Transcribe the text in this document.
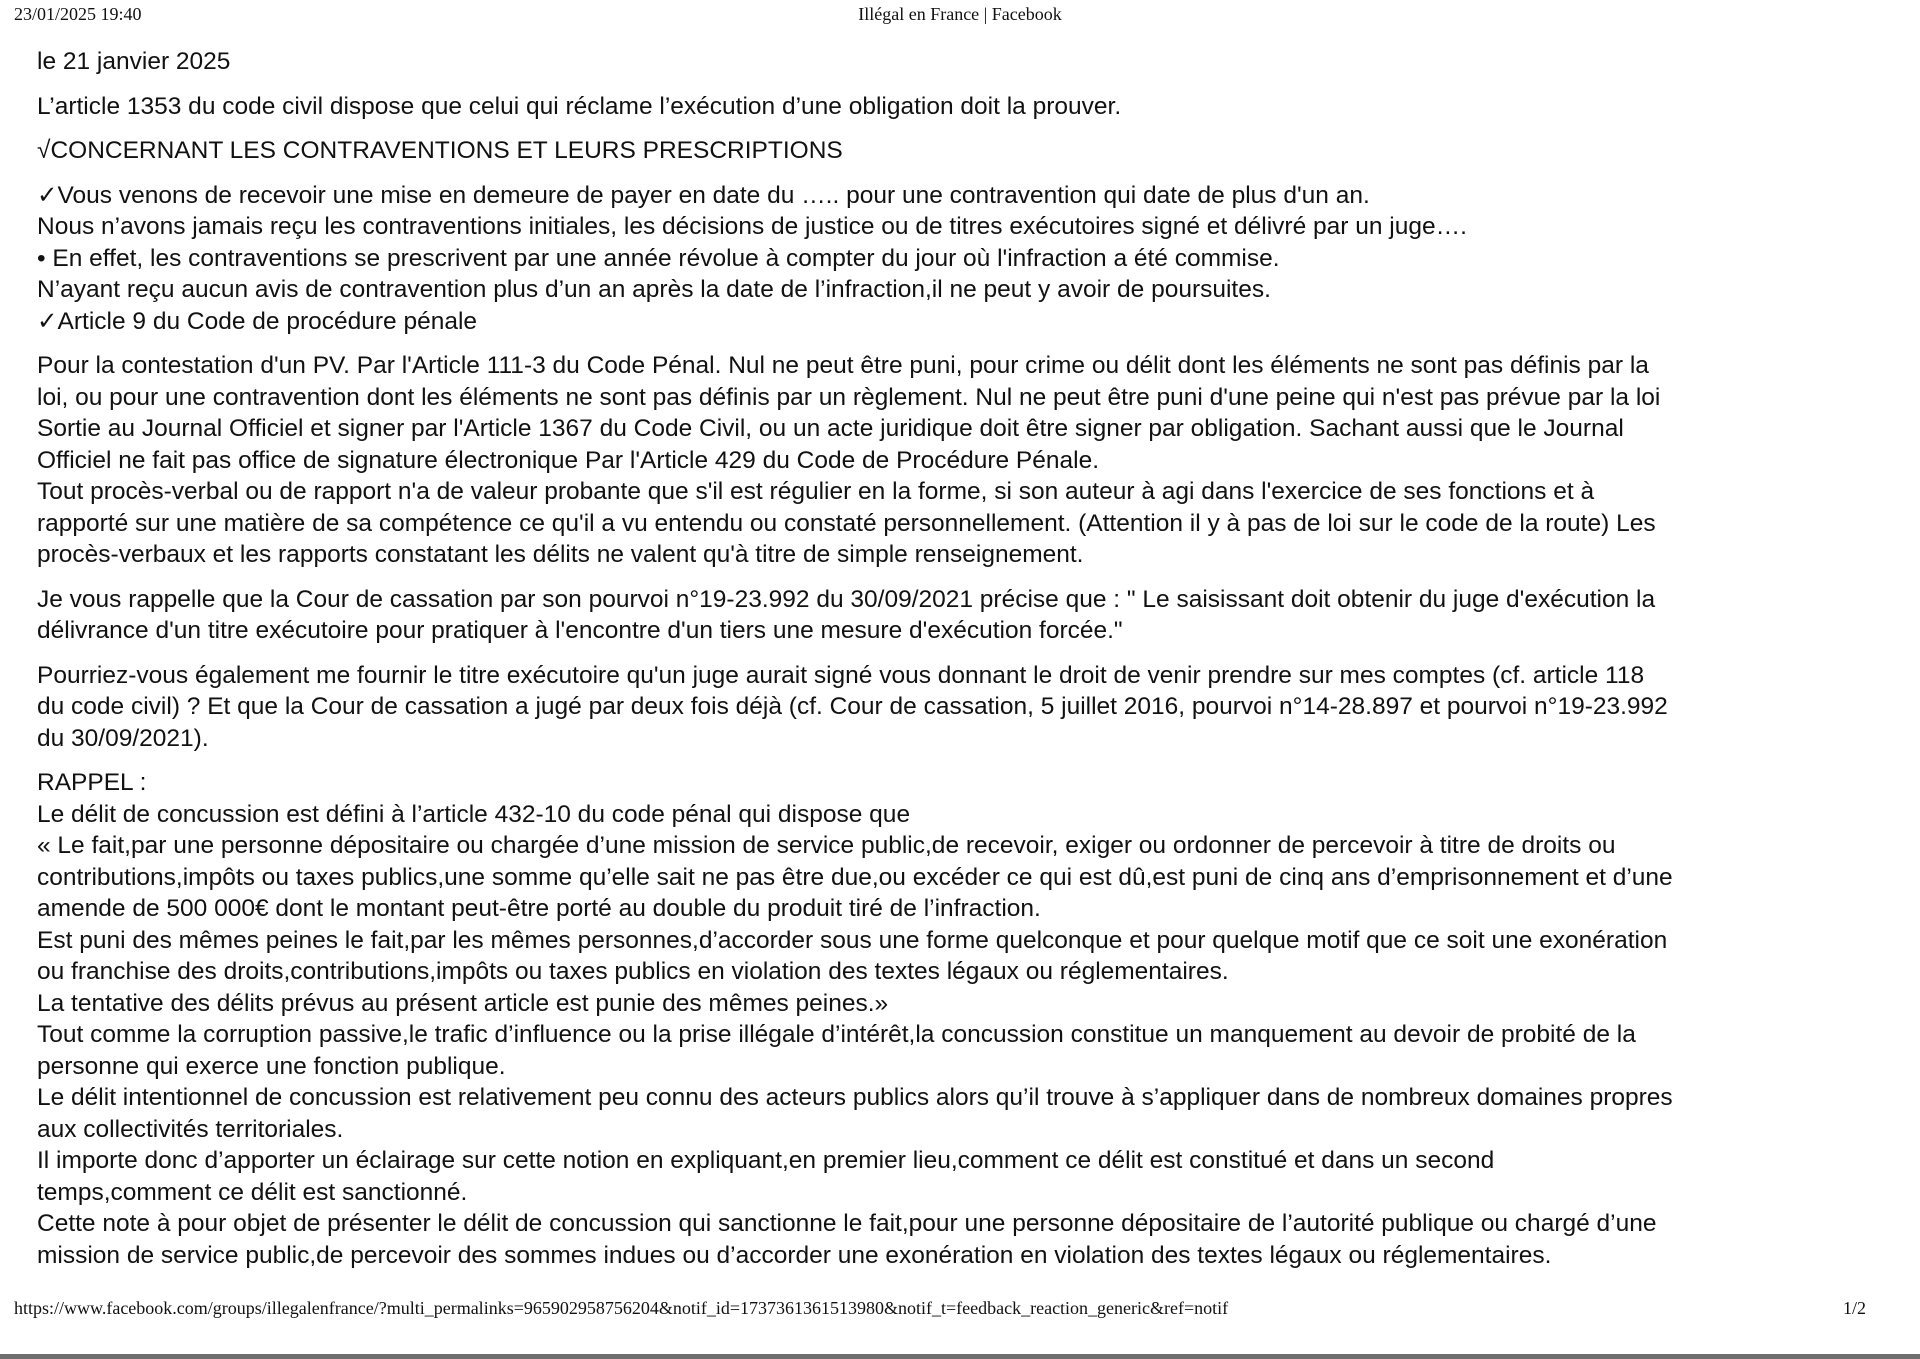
23/01/2025 19:40	Illégal en France | Facebook

le 21 janvier 2025

L’article 1353 du code civil dispose que celui qui réclame l’exécution d’une obligation doit la prouver.

√CONCERNANT LES CONTRAVENTIONS ET LEURS PRESCRIPTIONS

✓Vous venons de recevoir une mise en demeure de payer en date du ….. pour une contravention qui date de plus d'un an.

Nous n’avons jamais reçu les contraventions initiales, les décisions de justice ou de titres exécutoires signé et délivré par un juge….

• En effet, les contraventions se prescrivent par une année révolue à compter du jour où l'infraction a été commise.

N’ayant reçu aucun avis de contravention plus d’un an après la date de l’infraction,il ne peut y avoir de poursuites.

✓Article 9 du Code de procédure pénale

Pour la contestation d'un PV. Par l'Article 111-3 du Code Pénal. Nul ne peut être puni, pour crime ou délit dont les éléments ne sont pas définis par la

loi, ou pour une contravention dont les éléments ne sont pas définis par un règlement. Nul ne peut être puni d'une peine qui n'est pas prévue par la loi

Sortie au Journal Officiel et signer par l'Article 1367 du Code Civil, ou un acte juridique doit être signer par obligation. Sachant aussi que le Journal

Officiel ne fait pas office de signature électronique Par l'Article 429 du Code de Procédure Pénale.

Tout procès-verbal ou de rapport n'a de valeur probante que s'il est régulier en la forme, si son auteur à agi dans l'exercice de ses fonctions et à

rapporté sur une matière de sa compétence ce qu'il a vu entendu ou constaté personnellement. (Attention il y à pas de loi sur le code de la route) Les

procès-verbaux et les rapports constatant les délits ne valent qu'à titre de simple renseignement.

Je vous rappelle que la Cour de cassation par son pourvoi n°19-23.992 du 30/09/2021 précise que : " Le saisissant doit obtenir du juge d'exécution la

délivrance d'un titre exécutoire pour pratiquer à l'encontre d'un tiers une mesure d'exécution forcée."

Pourriez-vous également me fournir le titre exécutoire qu'un juge aurait signé vous donnant le droit de venir prendre sur mes comptes (cf. article 118

du code civil) ? Et que la Cour de cassation a jugé par deux fois déjà (cf. Cour de cassation, 5 juillet 2016, pourvoi n°14-28.897 et pourvoi n°19-23.992

du 30/09/2021).

RAPPEL :

Le délit de concussion est défini à l’article 432-10 du code pénal qui dispose que

« Le fait,par une personne dépositaire ou chargée d’une mission de service public,de recevoir, exiger ou ordonner de percevoir à titre de droits ou

contributions,impôts ou taxes publics,une somme qu’elle sait ne pas être due,ou excéder ce qui est dû,est puni de cinq ans d’emprisonnement et d’une

amende de 500 000€ dont le montant peut-être porté au double du produit tiré de l’infraction.

Est puni des mêmes peines le fait,par les mêmes personnes,d’accorder sous une forme quelconque et pour quelque motif que ce soit une exonération

ou franchise des droits,contributions,impôts ou taxes publics en violation des textes légaux ou réglementaires.

La tentative des délits prévus au présent article est punie des mêmes peines.»

Tout comme la corruption passive,le trafic d’influence ou la prise illégale d’intérêt,la concussion constitue un manquement au devoir de probité de la

personne qui exerce une fonction publique.

Le délit intentionnel de concussion est relativement peu connu des acteurs publics alors qu’il trouve à s’appliquer dans de nombreux domaines propres

aux collectivités territoriales.

Il importe donc d’apporter un éclairage sur cette notion en expliquant,en premier lieu,comment ce délit est constitué et dans un second

temps,comment ce délit est sanctionné.

Cette note à pour objet de présenter le délit de concussion qui sanctionne le fait,pour une personne dépositaire de l’autorité publique ou chargé d’une

mission de service public,de percevoir des sommes indues ou d’accorder une exonération en violation des textes légaux ou réglementaires.

https://www.facebook.com/groups/illegalenfrance/?multi_permalinks=965902958756204&notif_id=1737361361513980&notif_t=feedback_reaction_generic&ref=notif	1/2
